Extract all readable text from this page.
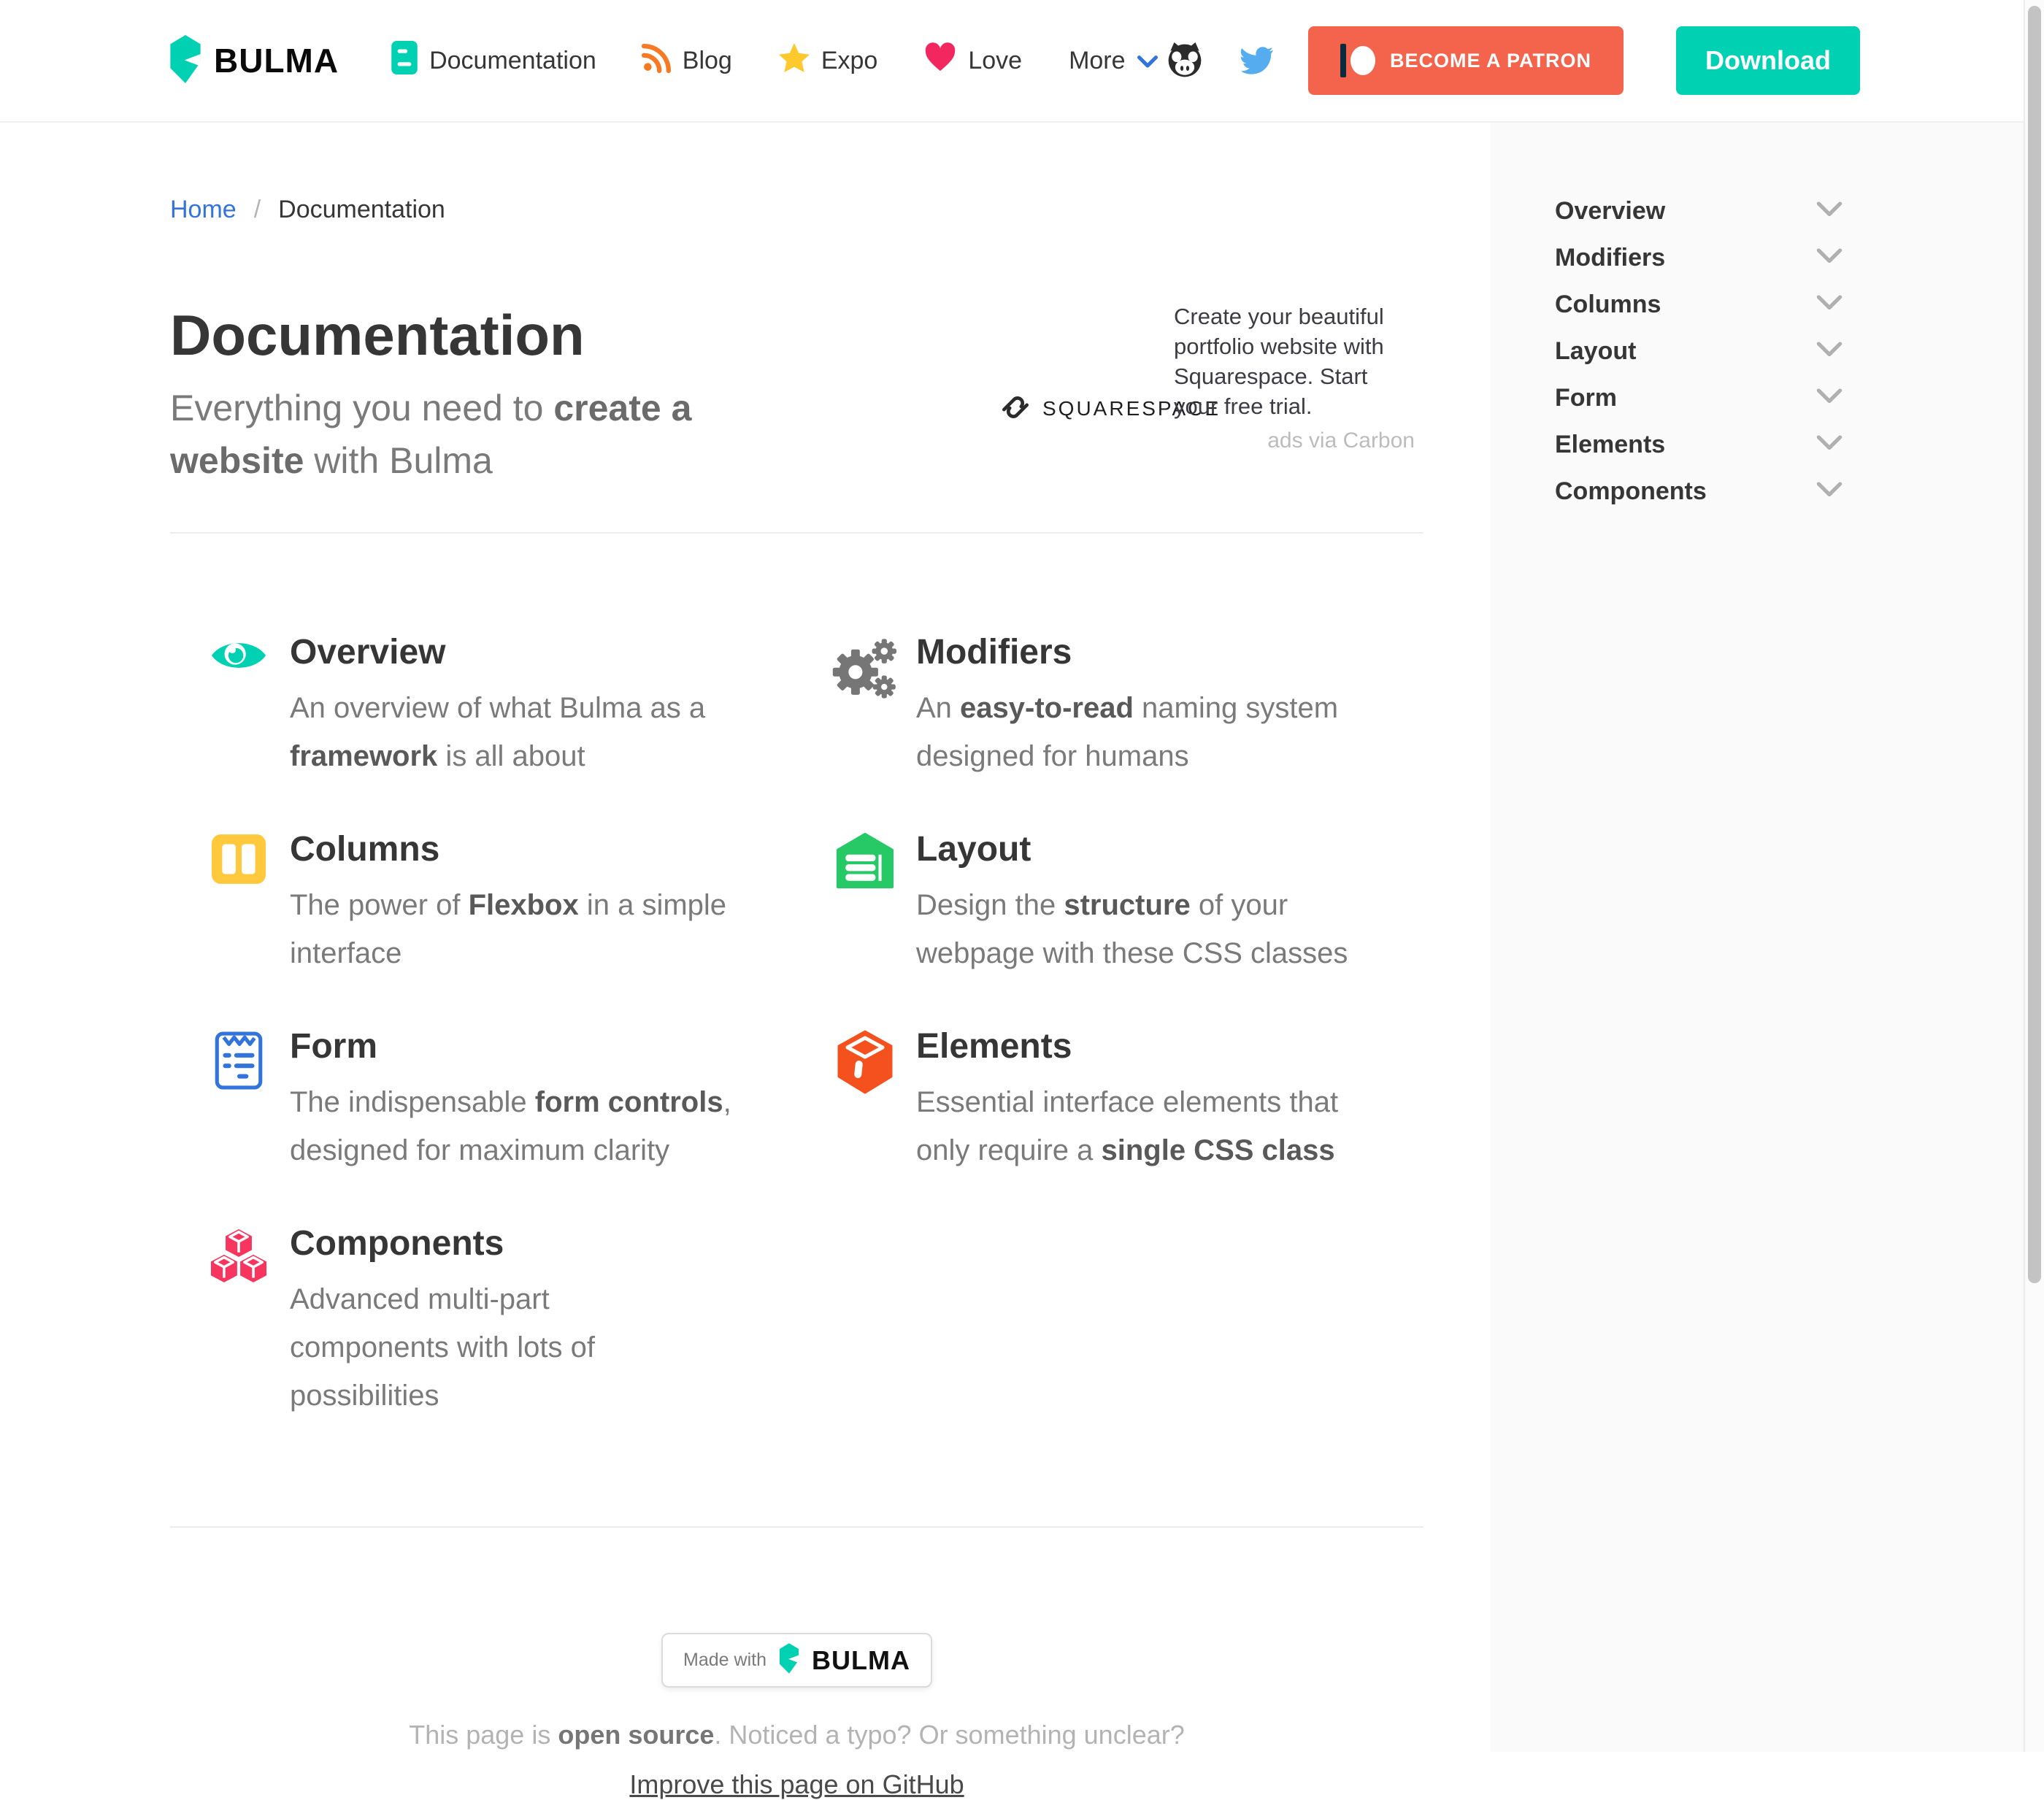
BULMA	Documentation	Blog	Expo	Love More	BECOME A PATRON	Download
Home / Documentation
Documentation

Everything you need to create a website with Bulma

SQUARESPACE

Create your beautiful portfolio website with Squarespace. Start your free trial.

ads via Carbon

Overview

An overview of what Bulma as a framework is all about

Modifiers

An easy-to-read naming system designed for humans

Columns

The power of Flexbox in a simple interface

Layout

Design the structure of your webpage with these CSS classes

Form

The indispensable form controls, designed for maximum clarity

Elements

Essential interface elements that only require a single CSS class

Components

Advanced multi-part components with lots of possibilities

Made with BULMA

This page is open source. Noticed a typo? Or something unclear?

Improve this page on GitHub
Overview
Modifiers
Columns
Layout
Form
Elements
Components
